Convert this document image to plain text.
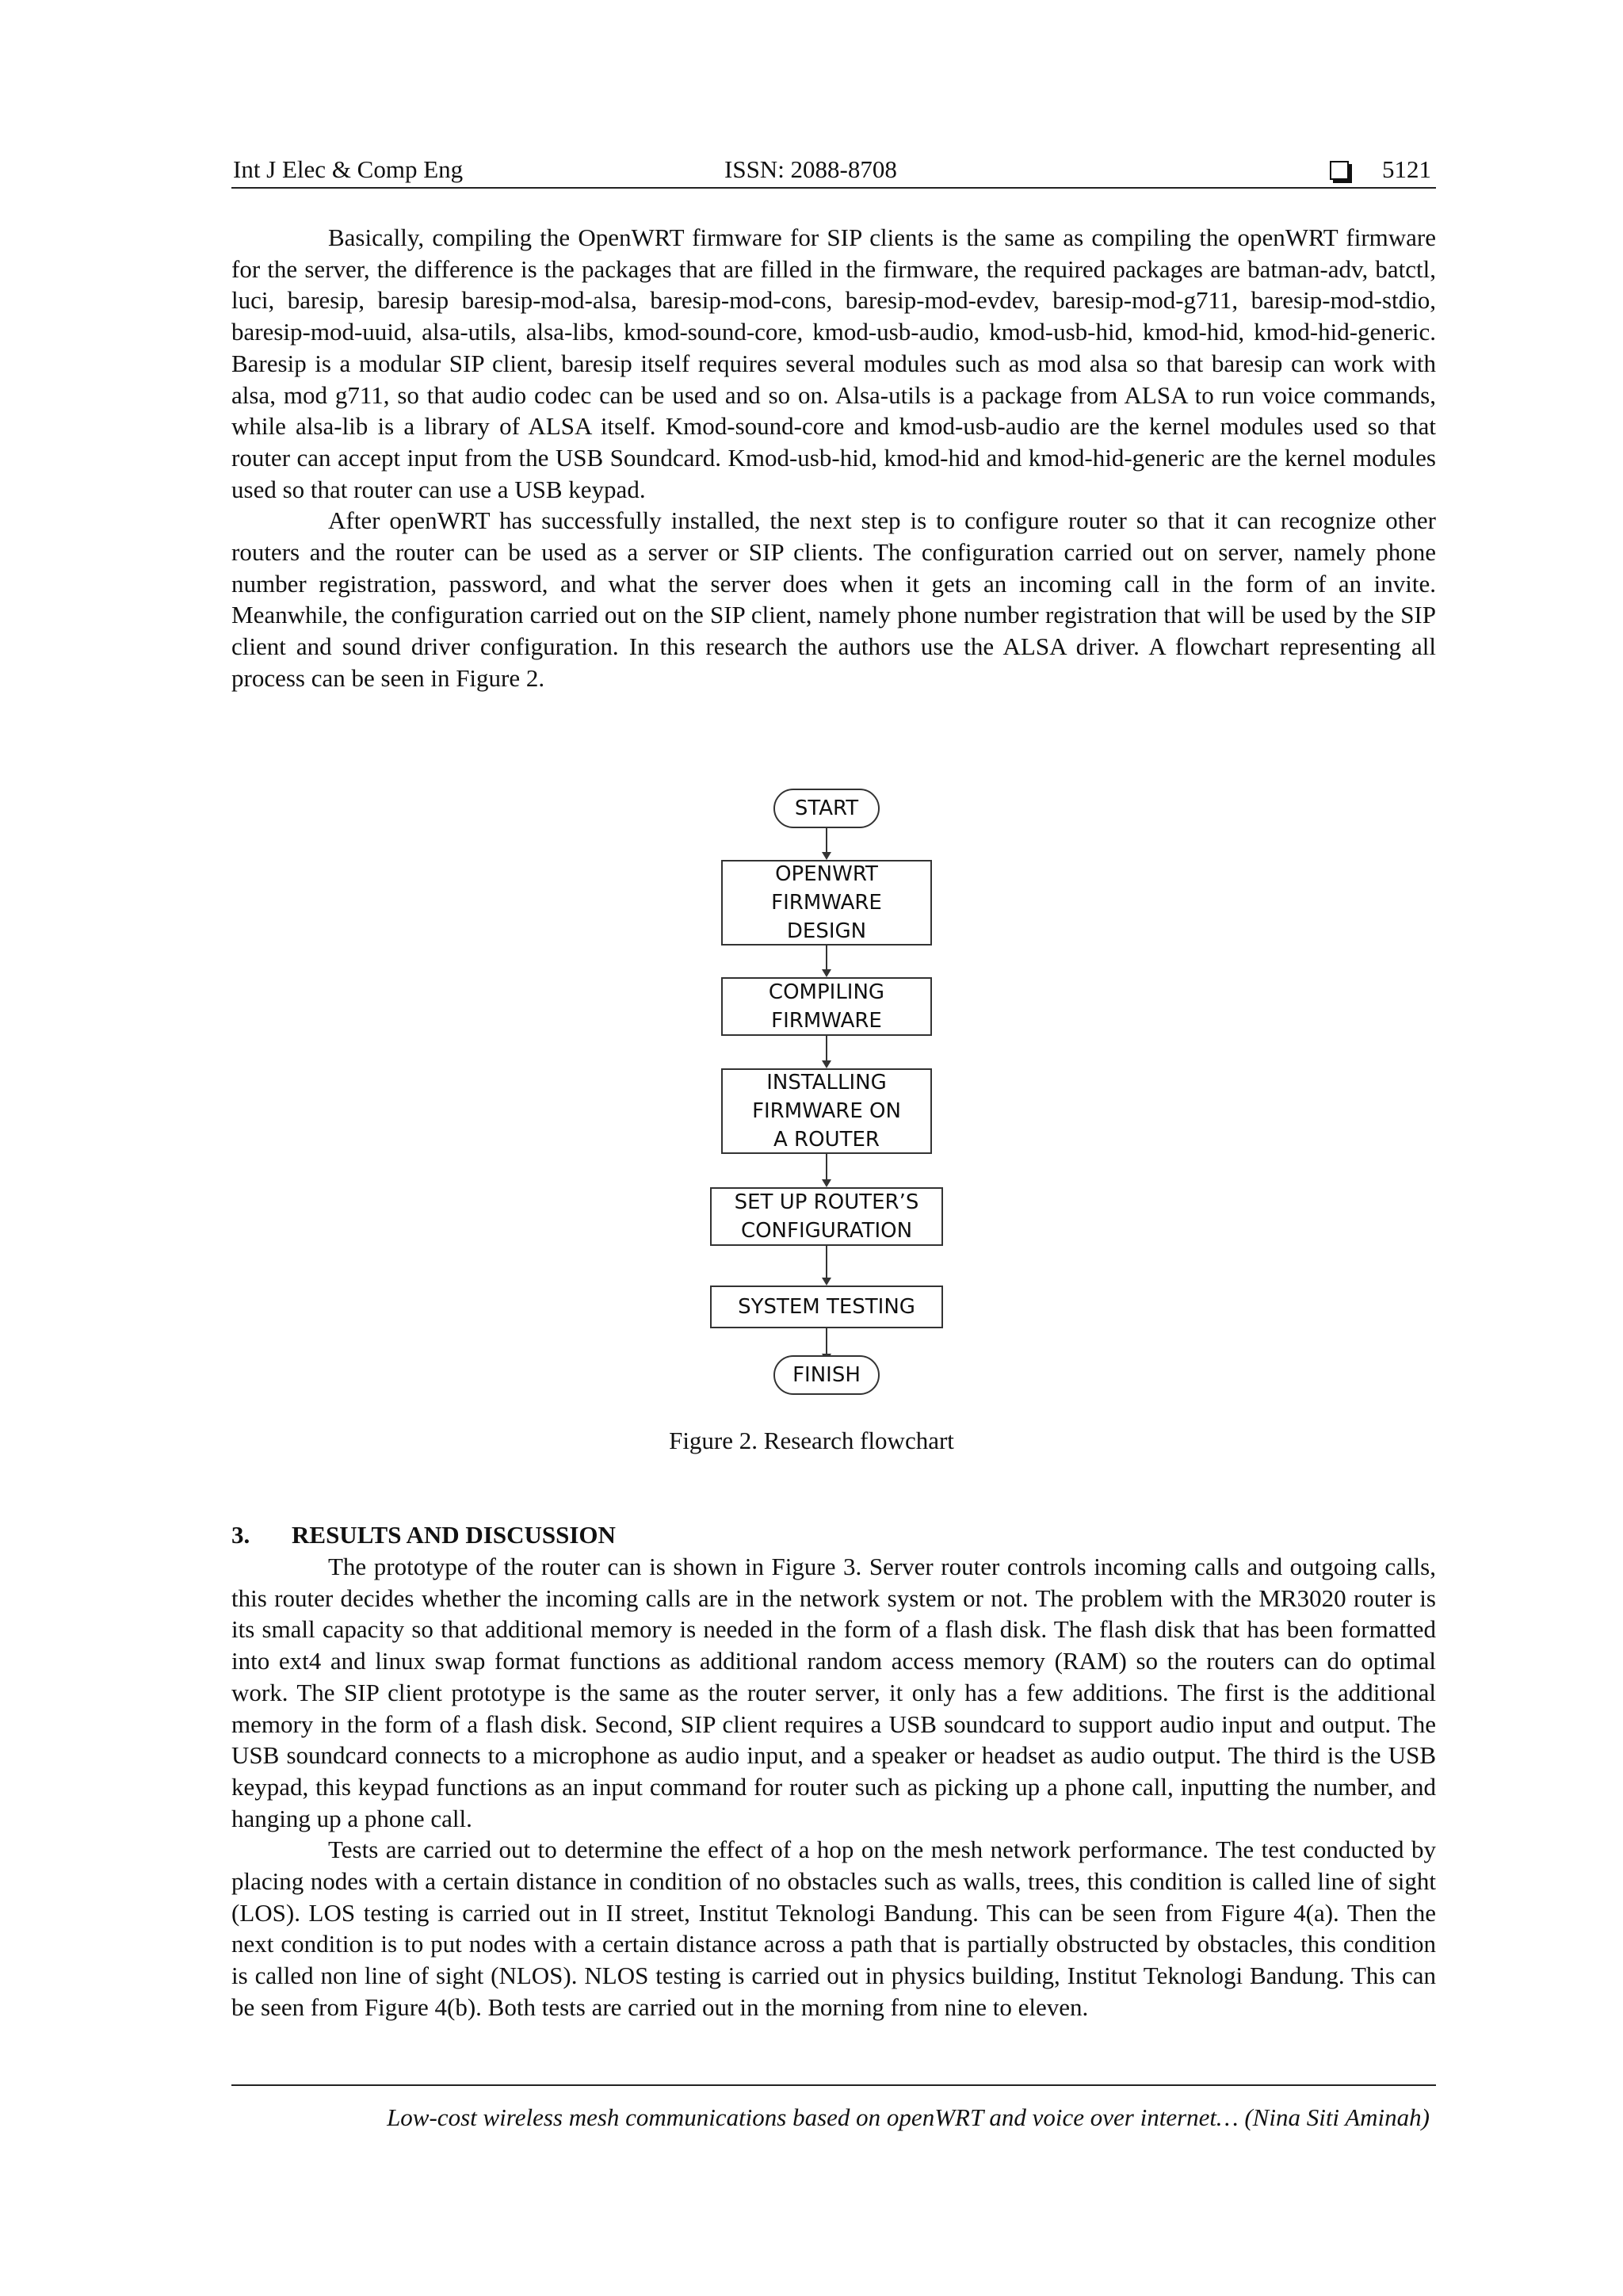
Int J Elec & Comp Eng	ISSN: 2088-8708	5121

Basically, compiling the OpenWRT firmware for SIP clients is the same as compiling the openWRT firmware for the server, the difference is the packages that are filled in the firmware, the required packages are batman-adv, batctl, luci, baresip, baresip baresip-mod-alsa, baresip-mod-cons, baresip-mod-evdev, baresip-mod-g711, baresip-mod-stdio, baresip-mod-uuid, alsa-utils, alsa-libs, kmod-sound-core, kmod-usb-audio, kmod-usb-hid, kmod-hid, kmod-hid-generic. Baresip is a modular SIP client, baresip itself requires several modules such as mod alsa so that baresip can work with alsa, mod g711, so that audio codec can be used and so on. Alsa-utils is a package from ALSA to run voice commands, while alsa-lib is a library of ALSA itself. Kmod-sound-core and kmod-usb-audio are the kernel modules used so that router can accept input from the USB Soundcard. Kmod-usb-hid, kmod-hid and kmod-hid-generic are the kernel modules used so that router can use a USB keypad.

After openWRT has successfully installed, the next step is to configure router so that it can recognize other routers and the router can be used as a server or SIP clients. The configuration carried out on server, namely phone number registration, password, and what the server does when it gets an incoming call in the form of an invite. Meanwhile, the configuration carried out on the SIP client, namely phone number registration that will be used by the SIP client and sound driver configuration. In this research the authors use the ALSA driver. A flowchart representing all process can be seen in Figure 2.

START
OPENWRT
FIRMWARE
DESIGN
COMPILING
FIRMWARE
INSTALLING
FIRMWARE ON
A ROUTER
SET UP ROUTER’S
CONFIGURATION
SYSTEM TESTING
FINISH
Figure 2. Research flowchart
3. RESULTS AND DISCUSSION

The prototype of the router can is shown in Figure 3. Server router controls incoming calls and outgoing calls, this router decides whether the incoming calls are in the network system or not. The problem with the MR3020 router is its small capacity so that additional memory is needed in the form of a flash disk. The flash disk that has been formatted into ext4 and linux swap format functions as additional random access memory (RAM) so the routers can do optimal work. The SIP client prototype is the same as the router server, it only has a few additions. The first is the additional memory in the form of a flash disk. Second, SIP client requires a USB soundcard to support audio input and output. The USB soundcard connects to a microphone as audio input, and a speaker or headset as audio output. The third is the USB keypad, this keypad functions as an input command for router such as picking up a phone call, inputting the number, and hanging up a phone call.

Tests are carried out to determine the effect of a hop on the mesh network performance. The test conducted by placing nodes with a certain distance in condition of no obstacles such as walls, trees, this condition is called line of sight (LOS). LOS testing is carried out in II street, Institut Teknologi Bandung. This can be seen from Figure 4(a). Then the next condition is to put nodes with a certain distance across a path that is partially obstructed by obstacles, this condition is called non line of sight (NLOS). NLOS testing is carried out in physics building, Institut Teknologi Bandung. This can be seen from Figure 4(b). Both tests are carried out in the morning from nine to eleven.

Low-cost wireless mesh communications based on openWRT and voice over internet… (Nina Siti Aminah)
